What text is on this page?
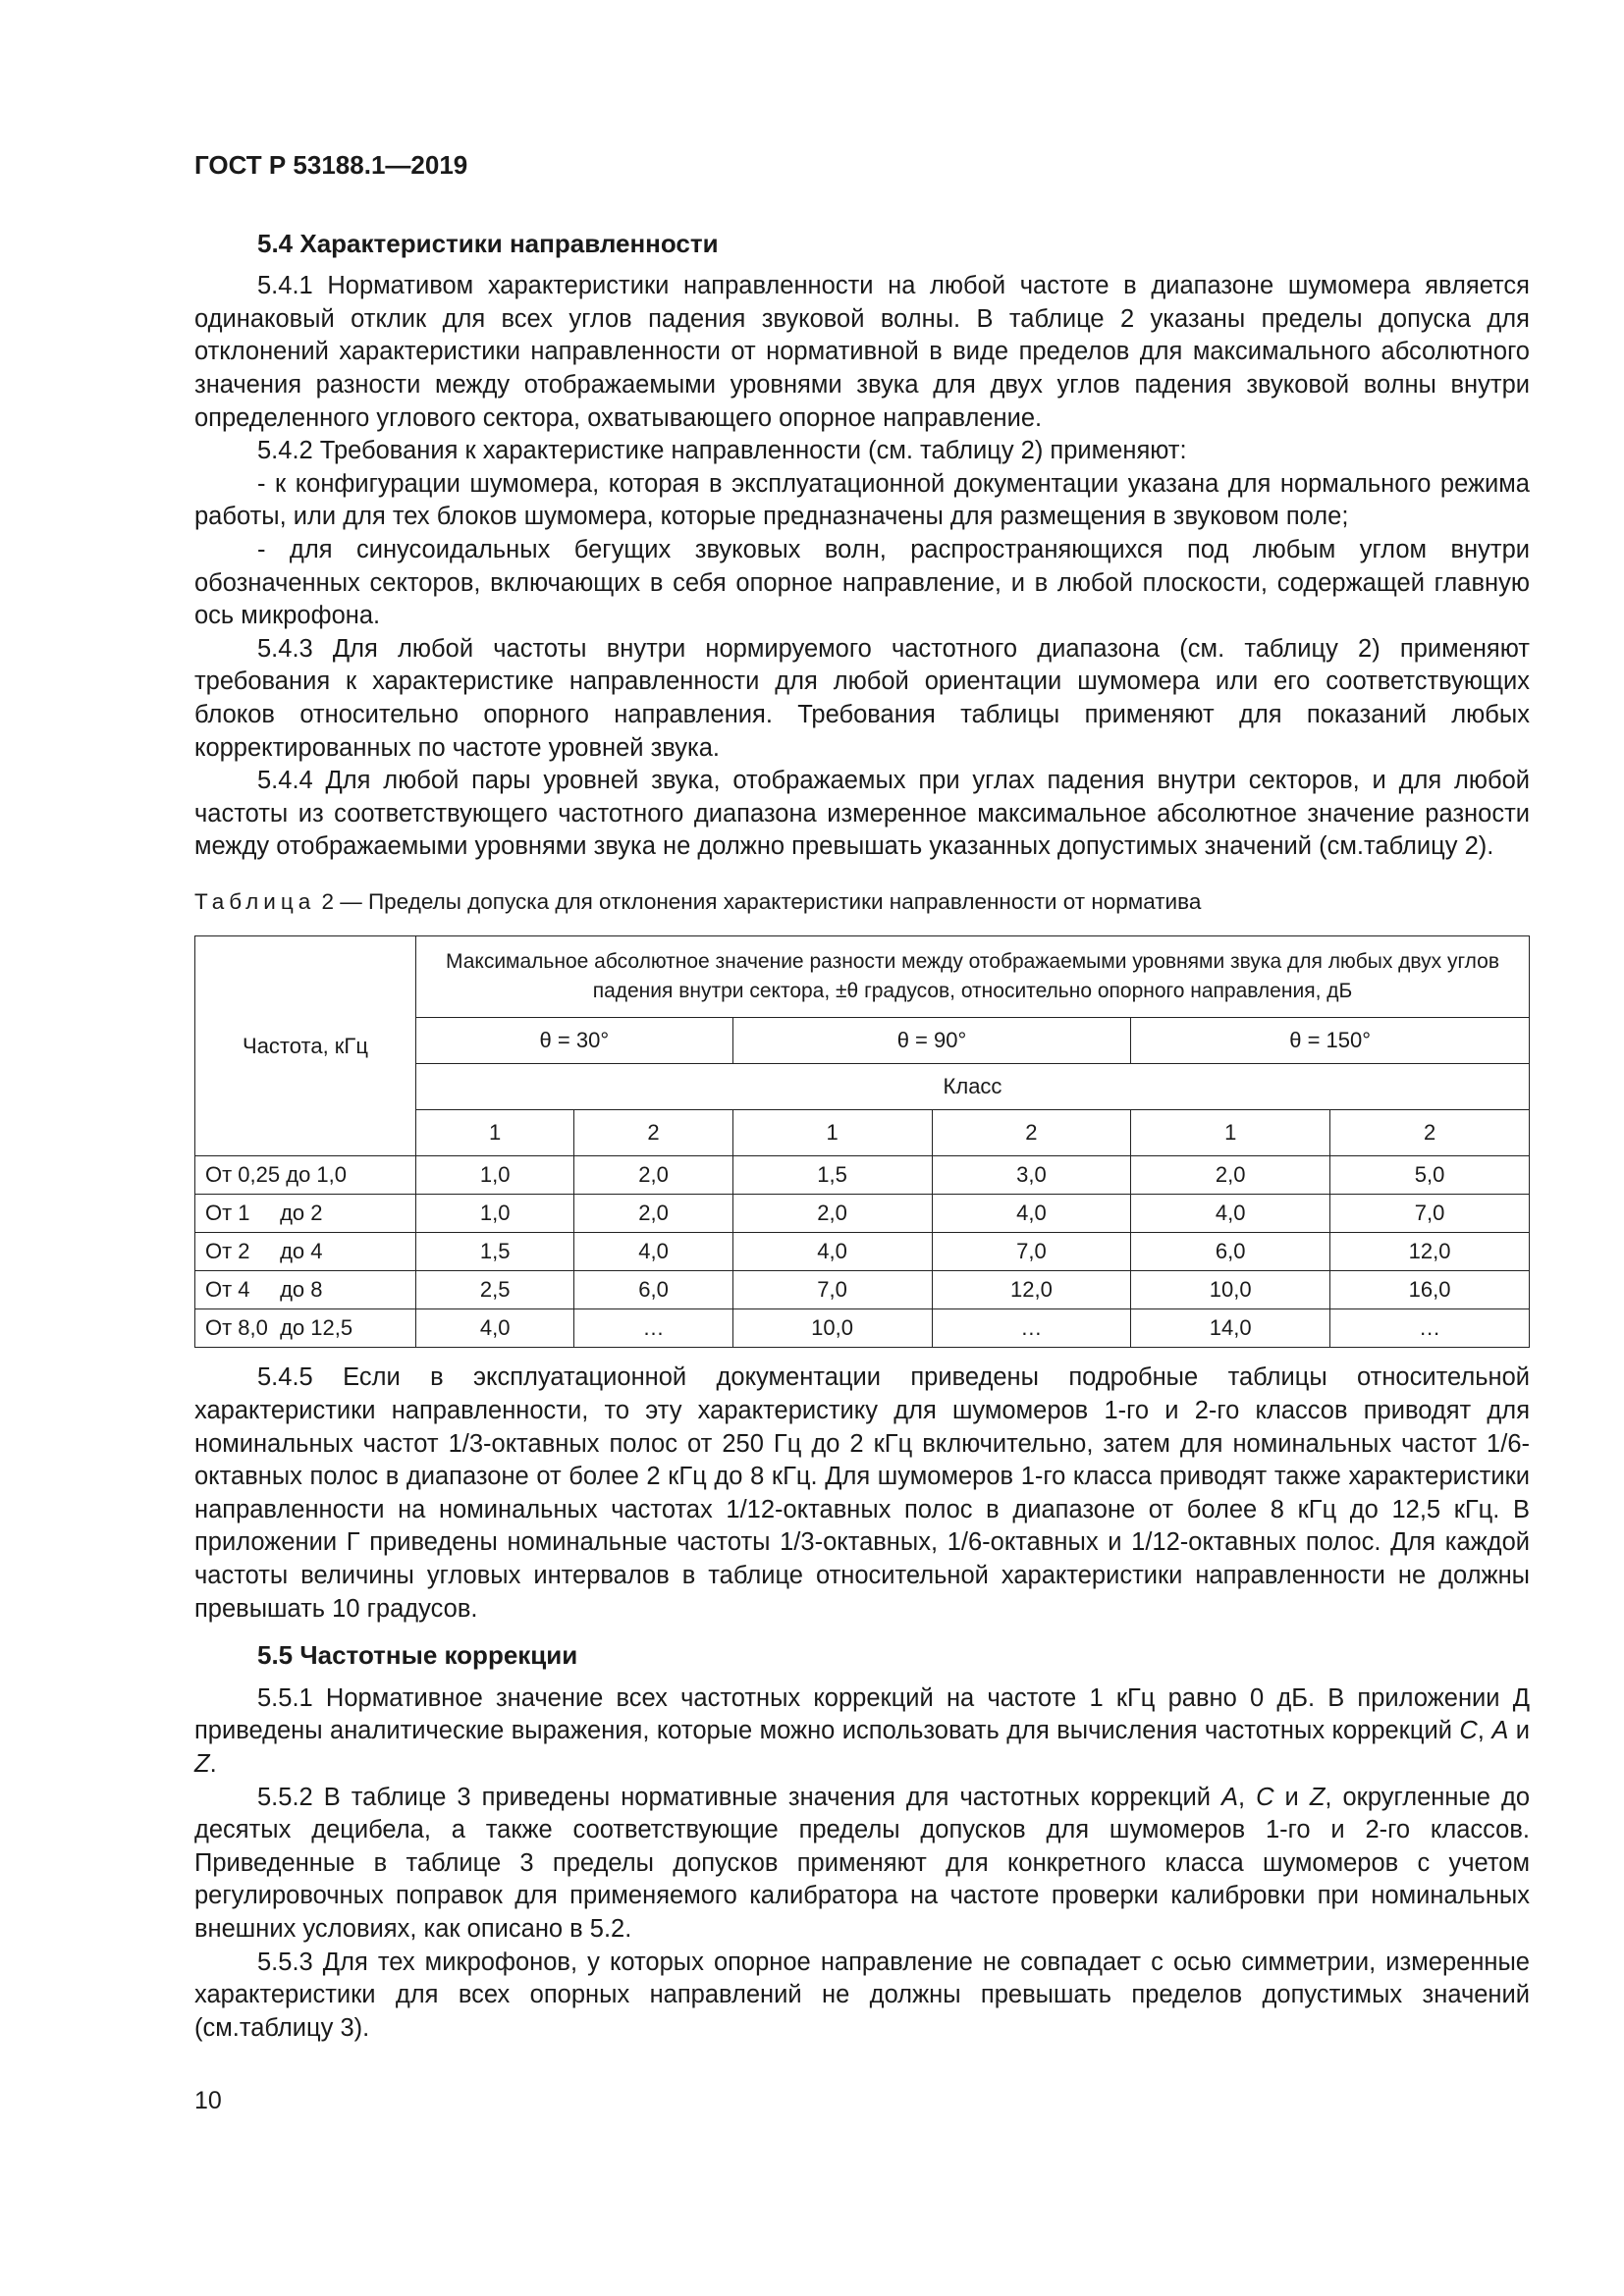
ГОСТ Р 53188.1—2019
5.4 Характеристики направленности

5.4.1 Нормативом характеристики направленности на любой частоте в диапазоне шумомера является одинаковый отклик для всех углов падения звуковой волны. В таблице 2 указаны пределы допуска для отклонений характеристики направленности от нормативной в виде пределов для максимального абсолютного значения разности между отображаемыми уровнями звука для двух углов падения звуковой волны внутри определенного углового сектора, охватывающего опорное направление.

5.4.2 Требования к характеристике направленности (см. таблицу 2) применяют:

- к конфигурации шумомера, которая в эксплуатационной документации указана для нормального режима работы, или для тех блоков шумомера, которые предназначены для размещения в звуковом поле;

- для синусоидальных бегущих звуковых волн, распространяющихся под любым углом внутри обозначенных секторов, включающих в себя опорное направление, и в любой плоскости, содержащей главную ось микрофона.

5.4.3 Для любой частоты внутри нормируемого частотного диапазона (см. таблицу 2) применяют требования к характеристике направленности для любой ориентации шумомера или его соответствующих блоков относительно опорного направления. Требования таблицы применяют для показаний любых корректированных по частоте уровней звука.

5.4.4 Для любой пары уровней звука, отображаемых при углах падения внутри секторов, и для любой частоты из соответствующего частотного диапазона измеренное максимальное абсолютное значение разности между отображаемыми уровнями звука не должно превышать указанных допустимых значений (см.таблицу 2).

Таблица 2 — Пределы допуска для отклонения характеристики направленности от норматива
Частота, кГц	Максимальное абсолютное значение разности между отображаемыми уровнями звука для любых двух углов падения внутри сектора, ±θ градусов, относительно опорного направления, дБ					
	θ = 30°		θ = 90°		θ = 150°	
	Класс					
	1	2	1	2	1	2
От 0,25 до 1,0	1,0	2,0	1,5	3,0	2,0	5,0
От 1     до 2	1,0	2,0	2,0	4,0	4,0	7,0
От 2     до 4	1,5	4,0	4,0	7,0	6,0	12,0
От 4     до 8	2,5	6,0	7,0	12,0	10,0	16,0
От 8,0  до 12,5	4,0	…	10,0	…	14,0	…

5.4.5 Если в эксплуатационной документации приведены подробные таблицы относительной характеристики направленности, то эту характеристику для шумомеров 1-го и 2-го классов приводят для номинальных частот 1/3-октавных полос от 250 Гц до 2 кГц включительно, затем для номинальных частот 1/6-октавных полос в диапазоне от более 2 кГц до 8 кГц. Для шумомеров 1-го класса приводят также характеристики направленности на номинальных частотах 1/12-октавных полос в диапазоне от более 8 кГц до 12,5 кГц. В приложении Г приведены номинальные частоты 1/3-октавных, 1/6-октавных и 1/12-октавных полос. Для каждой частоты величины угловых интервалов в таблице относительной характеристики направленности не должны превышать 10 градусов.

5.5 Частотные коррекции

5.5.1 Нормативное значение всех частотных коррекций на частоте 1 кГц равно 0 дБ. В приложении Д приведены аналитические выражения, которые можно использовать для вычисления частотных коррекций C, A и Z.

5.5.2 В таблице 3 приведены нормативные значения для частотных коррекций A, C и Z, округленные до десятых децибела, а также соответствующие пределы допусков для шумомеров 1-го и 2-го классов. Приведенные в таблице 3 пределы допусков применяют для конкретного класса шумомеров с учетом регулировочных поправок для применяемого калибратора на частоте проверки калибровки при номинальных внешних условиях, как описано в 5.2.

5.5.3 Для тех микрофонов, у которых опорное направление не совпадает с осью симметрии, измеренные характеристики для всех опорных направлений не должны превышать пределов допустимых значений (см.таблицу 3).

10
